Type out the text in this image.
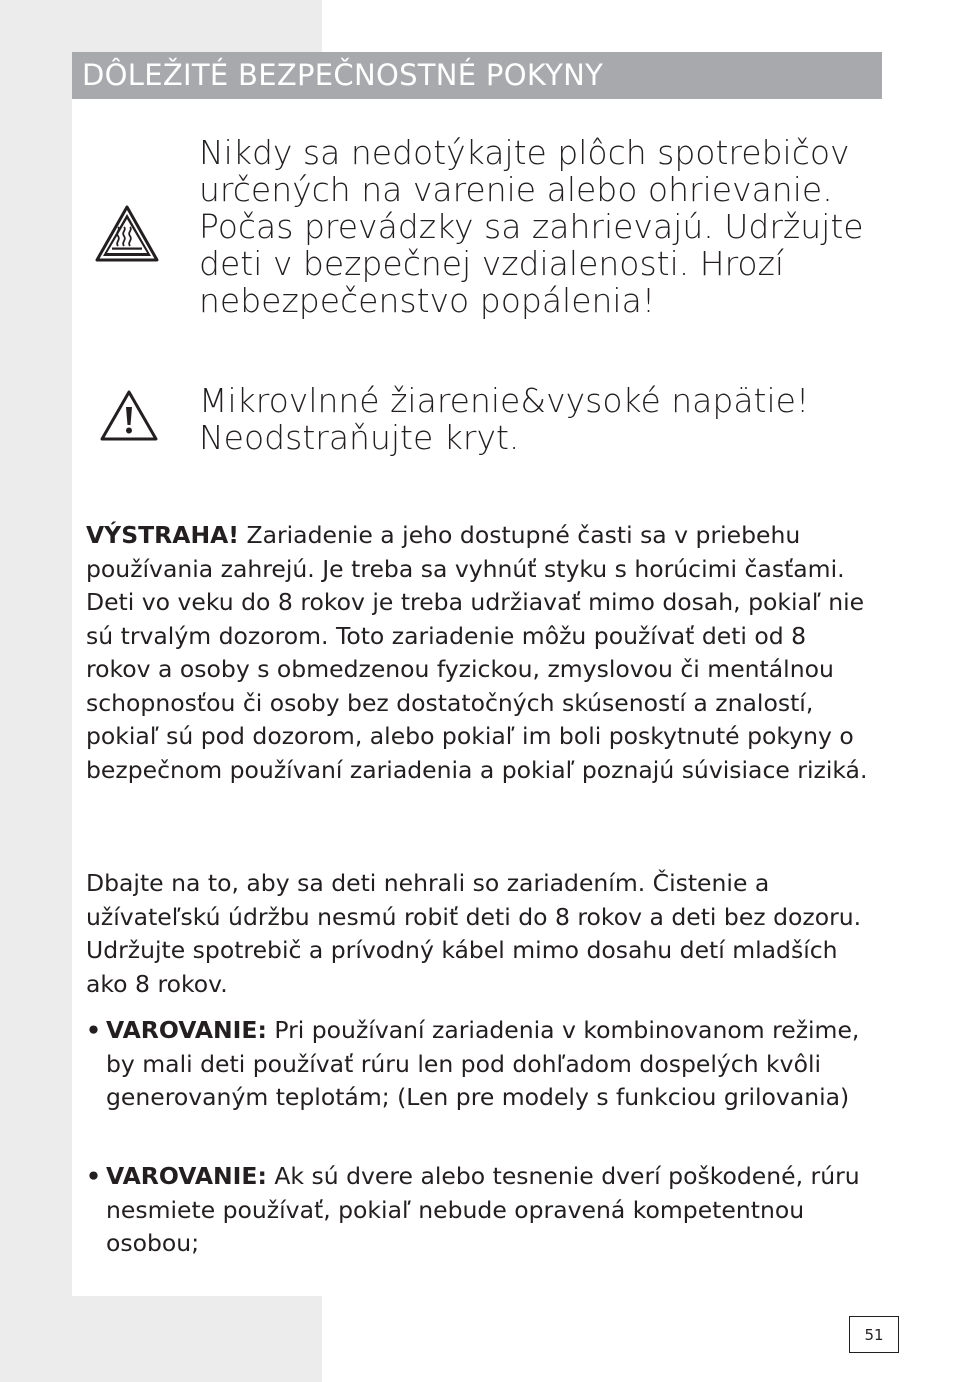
DÔLEŽITÉ BEZPEČNOSTNÉ POKYNY
Nikdy sa nedotýkajte plôch spotrebičov určených na varenie alebo ohrievanie. Počas prevádzky sa zahrievajú. Udržujte deti v bezpečnej vzdialenosti. Hrozí nebezpečenstvo popálenia!
Mikrovlnné žiarenie&vysoké napätie! Neodstraňujte kryt.

VÝSTRAHA! Zariadenie a jeho dostupné časti sa v priebehu používania zahrejú. Je treba sa vyhnúť styku s horúcimi časťami. Deti vo veku do 8 rokov je treba udržiavať mimo dosah, pokiaľ nie sú trvalým dozorom. Toto zariadenie môžu používať deti od 8 rokov a osoby s obmedzenou fyzickou, zmyslovou či mentálnou schopnosťou či osoby bez dostatočných skúseností a znalostí, pokiaľ sú pod dozorom, alebo pokiaľ im boli poskytnuté pokyny o bezpečnom používaní zariadenia a pokiaľ poznajú súvisiace riziká.

Dbajte na to, aby sa deti nehrali so zariadením. Čistenie a užívateľskú údržbu nesmú robiť deti do 8 rokov a deti bez dozoru. Udržujte spotrebič a prívodný kábel mimo dosahu detí mladších ako 8 rokov.

• VAROVANIE: Pri používaní zariadenia v kombinovanom režime, by mali deti používať rúru len pod dohľadom dospelých kvôli generovaným teplotám; (Len pre modely s funkciou grilovania)
• VAROVANIE: Ak sú dvere alebo tesnenie dverí poškodené, rúru nesmiete používať, pokiaľ nebude opravená kompetentnou osobou;
51
